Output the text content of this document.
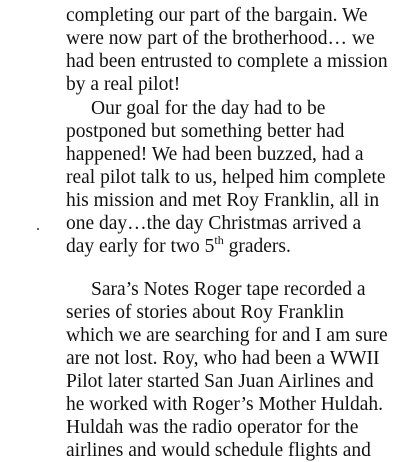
completing our part of the bargain. We
were now part of the brotherhood… we
had been entrusted to complete a mission
by a real pilot!
Our goal for the day had to be
postponed but something better had
happened! We had been buzzed, had a
real pilot talk to us, helped him complete
his mission and met Roy Franklin, all in
one day…the day Christmas arrived a
day early for two 5th graders.
Sara’s Notes Roger tape recorded a
series of stories about Roy Franklin
which we are searching for and I am sure
are not lost. Roy, who had been a WWII
Pilot later started San Juan Airlines and
he worked with Roger’s Mother Huldah.
Huldah was the radio operator for the
airlines and would schedule flights and
